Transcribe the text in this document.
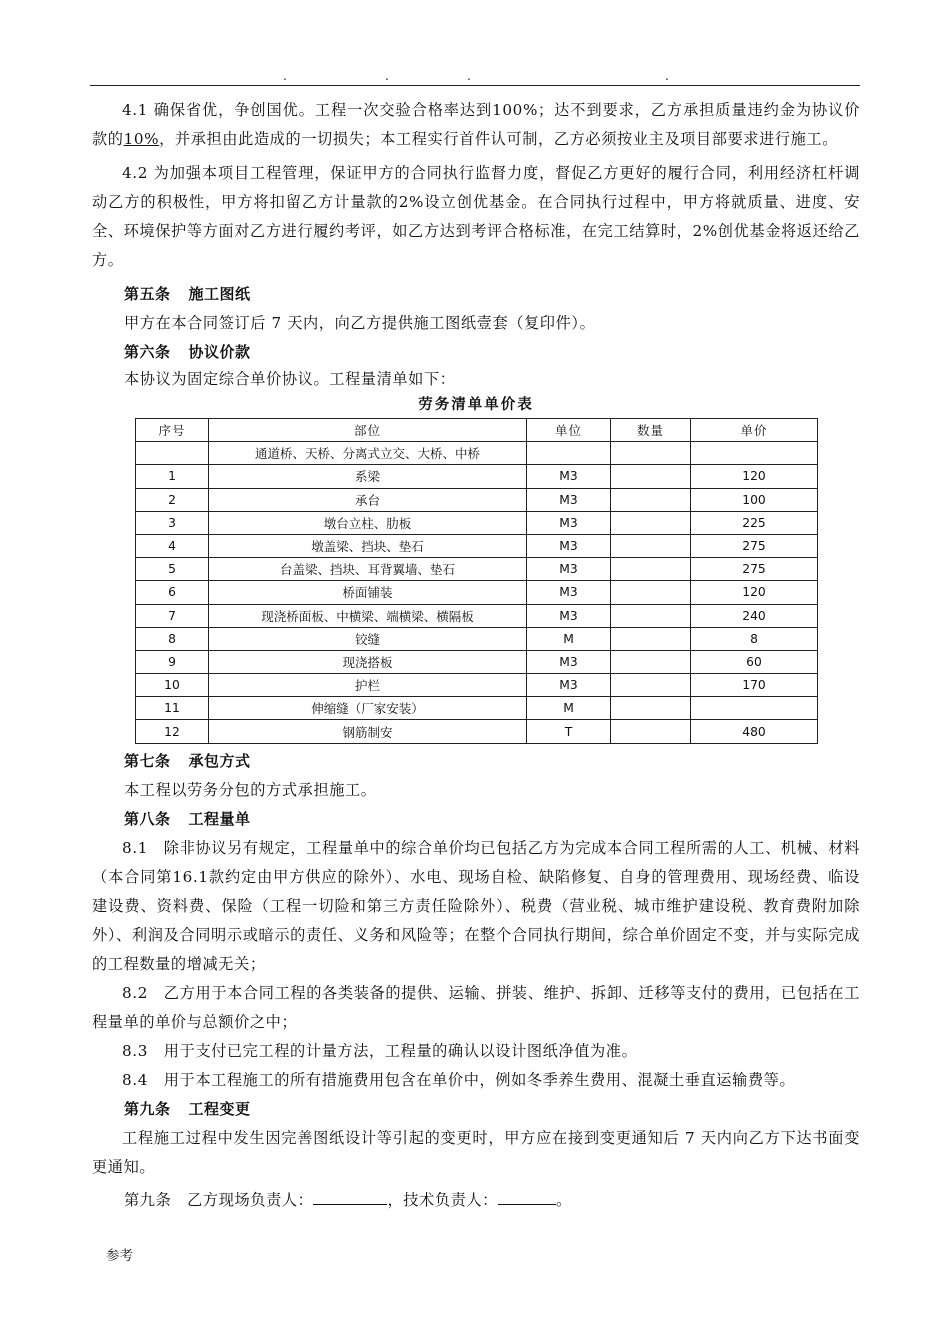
.	.	.	.

4.1 确保省优，争创国优。工程一次交验合格率达到100%；达不到要求，乙方承担质量违约金为协议价款的10%，并承担由此造成的一切损失；本工程实行首件认可制，乙方必须按业主及项目部要求进行施工。

4.2 为加强本项目工程管理，保证甲方的合同执行监督力度，督促乙方更好的履行合同，利用经济杠杆调动乙方的积极性，甲方将扣留乙方计量款的2%设立创优基金。在合同执行过程中，甲方将就质量、进度、安全、环境保护等方面对乙方进行履约考评，如乙方达到考评合格标准，在完工结算时，2%创优基金将返还给乙方。

第五条 施工图纸

甲方在本合同签订后 7 天内，向乙方提供施工图纸壹套（复印件）。

第六条 协议价款

本协议为固定综合单价协议。工程量清单如下：

劳务清单单价表
序号	部位	单位	数量	单价
	通道桥、天桥、分离式立交、大桥、中桥			
1	系梁	M3		120
2	承台	M3		100
3	墩台立柱、肋板	M3		225
4	墩盖梁、挡块、垫石	M3		275
5	台盖梁、挡块、耳背翼墙、垫石	M3		275
6	桥面铺装	M3		120
7	现浇桥面板、中横梁、端横梁、横隔板	M3		240
8	铰缝	M		8
9	现浇搭板	M3		60
10	护栏	M3		170
11	伸缩缝（厂家安装）	M		
12	钢筋制安	T		480
第七条 承包方式

本工程以劳务分包的方式承担施工。

第八条 工程量单

8.1　除非协议另有规定，工程量单中的综合单价均已包括乙方为完成本合同工程所需的人工、机械、材料（本合同第16.1款约定由甲方供应的除外）、水电、现场自检、缺陷修复、自身的管理费用、现场经费、临设建设费、资料费、保险（工程一切险和第三方责任险除外）、税费（营业税、城市维护建设税、教育费附加除外）、利润及合同明示或暗示的责任、义务和风险等；在整个合同执行期间，综合单价固定不变，并与实际完成的工程数量的增减无关；

8.2　乙方用于本合同工程的各类装备的提供、运输、拼装、维护、拆卸、迁移等支付的费用，已包括在工程量单的单价与总额价之中；

8.3　用于支付已完工程的计量方法，工程量的确认以设计图纸净值为准。

8.4　用于本工程施工的所有措施费用包含在单价中，例如冬季养生费用、混凝土垂直运输费等。

第九条 工程变更

工程施工过程中发生因完善图纸设计等引起的变更时，甲方应在接到变更通知后 7 天内向乙方下达书面变更通知。

第九条　乙方现场负责人：	，技术负责人：	。

参考
